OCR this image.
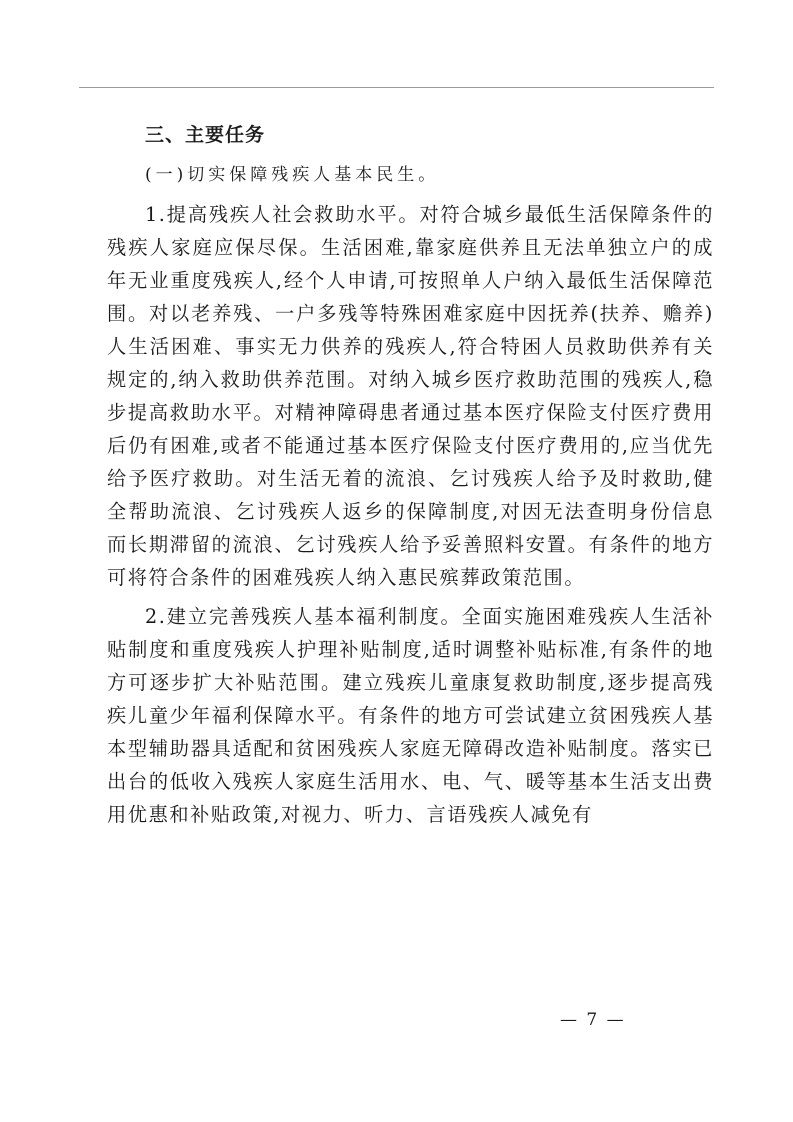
三、主要任务
(一)切实保障残疾人基本民生。

1.提高残疾人社会救助水平。对符合城乡最低生活保障条件的残疾人家庭应保尽保。生活困难,靠家庭供养且无法单独立户的成年无业重度残疾人,经个人申请,可按照单人户纳入最低生活保障范围。对以老养残、一户多残等特殊困难家庭中因抚养(扶养、赡养)人生活困难、事实无力供养的残疾人,符合特困人员救助供养有关规定的,纳入救助供养范围。对纳入城乡医疗救助范围的残疾人,稳步提高救助水平。对精神障碍患者通过基本医疗保险支付医疗费用后仍有困难,或者不能通过基本医疗保险支付医疗费用的,应当优先给予医疗救助。对生活无着的流浪、乞讨残疾人给予及时救助,健全帮助流浪、乞讨残疾人返乡的保障制度,对因无法查明身份信息而长期滞留的流浪、乞讨残疾人给予妥善照料安置。有条件的地方可将符合条件的困难残疾人纳入惠民殡葬政策范围。

2.建立完善残疾人基本福利制度。全面实施困难残疾人生活补贴制度和重度残疾人护理补贴制度,适时调整补贴标准,有条件的地方可逐步扩大补贴范围。建立残疾儿童康复救助制度,逐步提高残疾儿童少年福利保障水平。有条件的地方可尝试建立贫困残疾人基本型辅助器具适配和贫困残疾人家庭无障碍改造补贴制度。落实已出台的低收入残疾人家庭生活用水、电、气、暖等基本生活支出费用优惠和补贴政策,对视力、听力、言语残疾人减免有

— 7 —
